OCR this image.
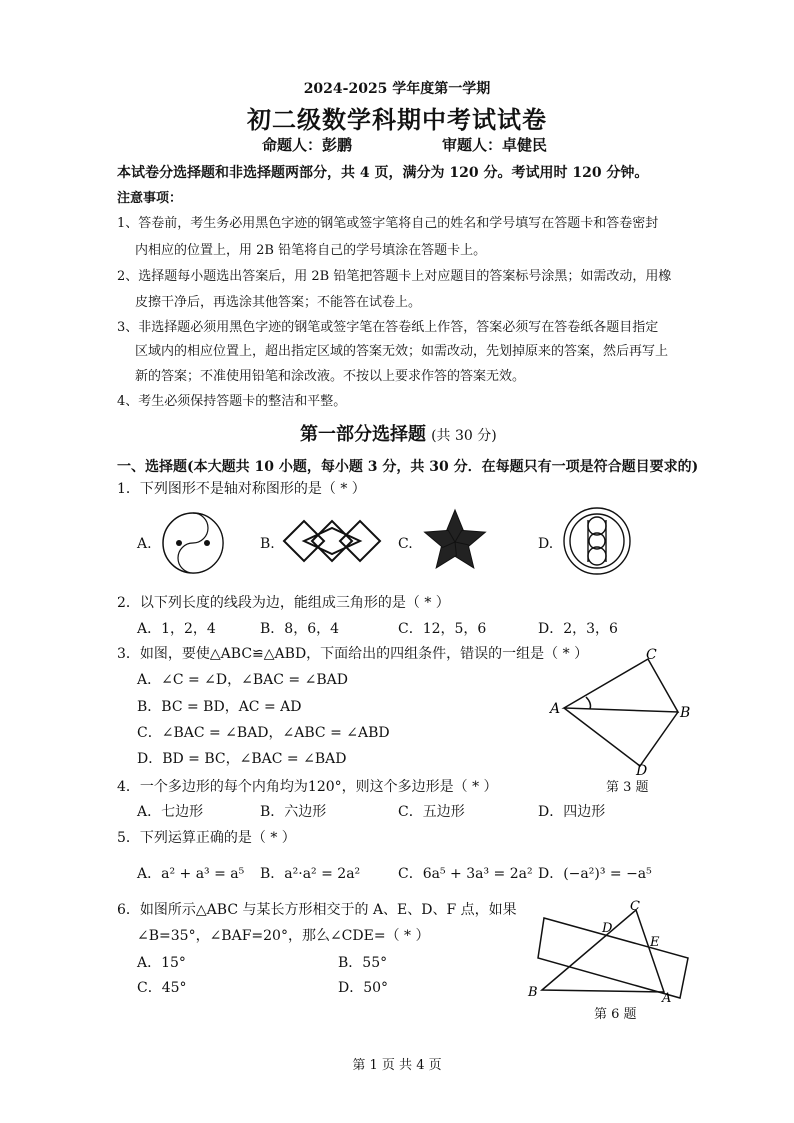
2024-2025 学年度第一学期
初二级数学科期中考试试卷
命题人：彭鹏	审题人：卓健民
本试卷分选择题和非选择题两部分，共 4 页，满分为 120 分。考试用时 120 分钟。
注意事项：
1、答卷前，考生务必用黑色字迹的钢笔或签字笔将自己的姓名和学号填写在答题卡和答卷密封
内相应的位置上，用 2B 铅笔将自己的学号填涂在答题卡上。
2、选择题每小题选出答案后，用 2B 铅笔把答题卡上对应题目的答案标号涂黑；如需改动，用橡
皮擦干净后，再选涂其他答案；不能答在试卷上。
3、非选择题必须用黑色字迹的钢笔或签字笔在答卷纸上作答，答案必须写在答卷纸各题目指定
区域内的相应位置上，超出指定区域的答案无效；如需改动，先划掉原来的答案，然后再写上
新的答案；不准使用铅笔和涂改液。不按以上要求作答的答案无效。
4、考生必须保持答题卡的整洁和平整。
第一部分选择题 (共 30 分)
一、选择题(本大题共 10 小题，每小题 3 分，共 30 分．在每题只有一项是符合题目要求的)
1．下列图形不是轴对称图形的是（ * ）
A.	B.	C.	D.
2．以下列长度的线段为边，能组成三角形的是（ * ）
A．1，2，4	B．8，6，4	C．12，5，6	D．2，3，6
3．如图，要使△ABC≌△ABD，下面给出的四组条件，错误的一组是（ * ）
A．∠C = ∠D，∠BAC = ∠BAD
B．BC = BD，AC = AD
C．∠BAC = ∠BAD，∠ABC = ∠ABD
D．BD = BC，∠BAC = ∠BAD
A
C
B
D
第 3 题
4．一个多边形的每个内角均为120°，则这个多边形是（ * ）
A．七边形	B．六边形	C．五边形	D．四边形
5．下列运算正确的是（ * ）
A．a² + a³ = a⁵ B．a²·a² = 2a²	C．6a⁵ + 3a³ = 2a² D．(−a²)³ = −a⁵
6．如图所示△ABC 与某长方形相交于的 A、E、D、F 点，如果
∠B=35°，∠BAF=20°，那么∠CDE=（ * ）
A．15°	B．55°
C．45°	D．50°	B
C
D
E
A
第 6 题
第 1 页 共 4 页
